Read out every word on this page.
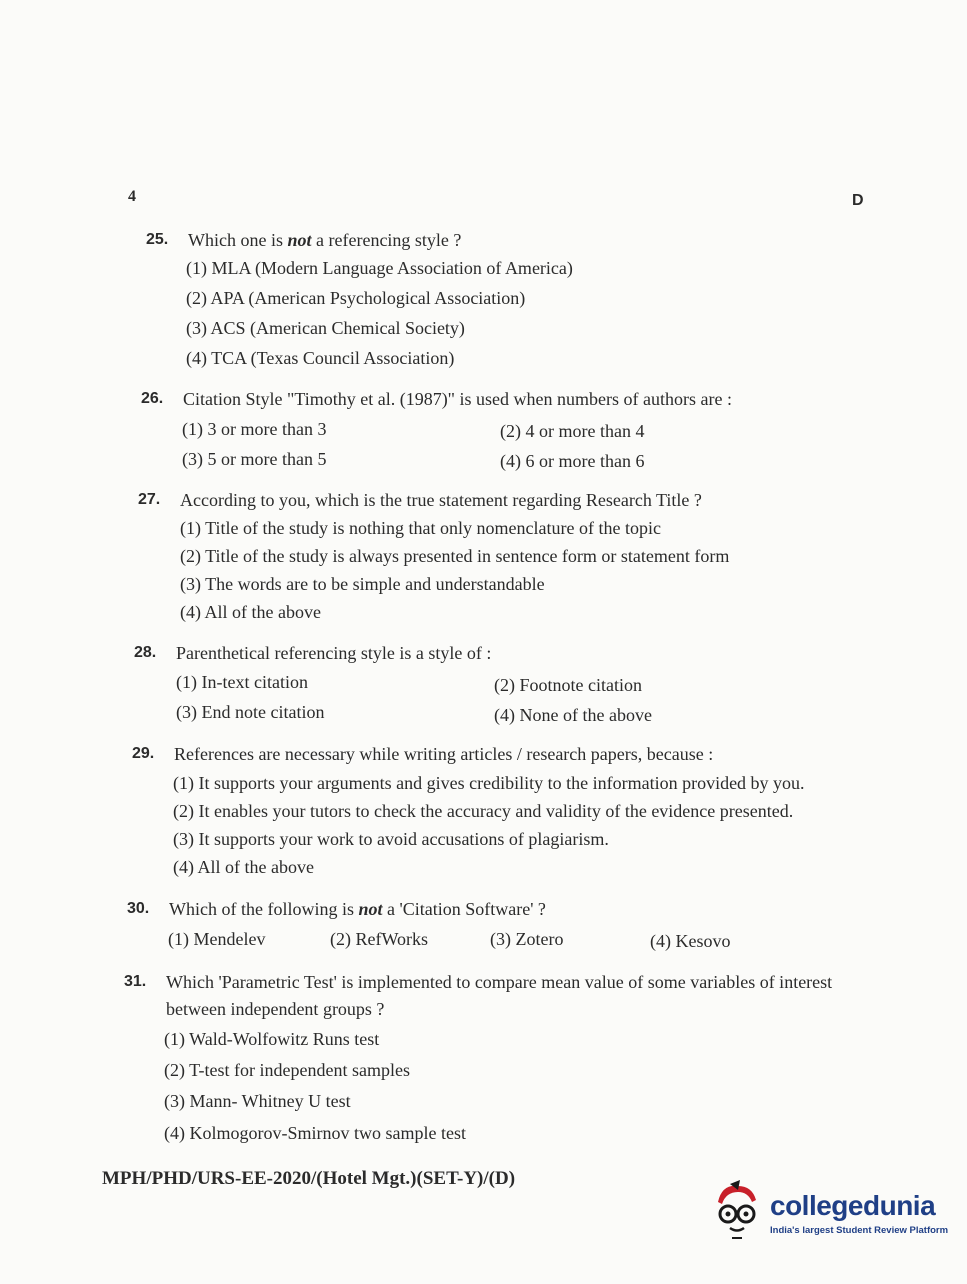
4	D
25. Which one is not a referencing style ?
(1) MLA (Modern Language Association of America)
(2) APA (American Psychological Association)
(3) ACS (American Chemical Society)
(4) TCA (Texas Council Association)
26. Citation Style "Timothy et al. (1987)" is used when numbers of authors are :
(1) 3 or more than 3	(2) 4 or more than 4
(3) 5 or more than 5	(4) 6 or more than 6
27. According to you, which is the true statement regarding Research Title ?
(1) Title of the study is nothing that only nomenclature of the topic
(2) Title of the study is always presented in sentence form or statement form
(3) The words are to be simple and understandable
(4) All of the above
28. Parenthetical referencing style is a style of :
(1) In-text citation	(2) Footnote citation
(3) End note citation	(4) None of the above
29. References are necessary while writing articles / research papers, because :
(1) It supports your arguments and gives credibility to the information provided by you.
(2) It enables your tutors to check the accuracy and validity of the evidence presented.
(3) It supports your work to avoid accusations of plagiarism.
(4) All of the above
30. Which of the following is not a 'Citation Software' ?
(1) Mendelev	(2) RefWorks	(3) Zotero	(4) Kesovo
31. Which 'Parametric Test' is implemented to compare mean value of some variables of interest between independent groups ?
(1) Wald-Wolfowitz Runs test
(2) T-test for independent samples
(3) Mann- Whitney U test
(4) Kolmogorov-Smirnov two sample test
MPH/PHD/URS-EE-2020/(Hotel Mgt.)(SET-Y)/(D)
collegedunia
India's largest Student Review Platform
